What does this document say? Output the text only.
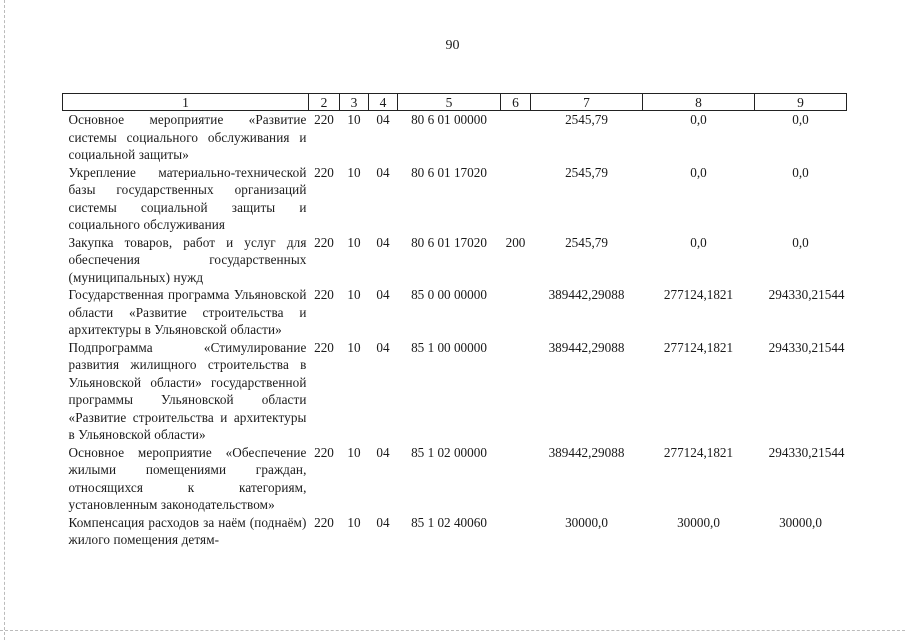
90
1	2	3	4	5	6	7	8	9
Основное мероприятие «Развитие системы социального обслуживания и социальной защиты»	220	10	04	80 6 01 00000		2545,79	0,0	0,0
Укрепление материально-технической базы государственных организаций системы социальной защиты и социального обслуживания	220	10	04	80 6 01 17020		2545,79	0,0	0,0
Закупка товаров, работ и услуг для обеспечения государственных (муниципальных) нужд	220	10	04	80 6 01 17020	200	2545,79	0,0	0,0
Государственная программа Ульяновской области «Развитие строительства и архитектуры в Ульяновской области»	220	10	04	85 0 00 00000		389442,29088	277124,1821	294330,21544
Подпрограмма «Стимулирование развития жилищного строительства в Ульяновской области» государственной программы Ульяновской области «Развитие строительства и архитектуры в Ульяновской области»	220	10	04	85 1 00 00000		389442,29088	277124,1821	294330,21544
Основное мероприятие «Обеспечение жилыми помещениями граждан, относящихся к категориям, установленным законодательством»	220	10	04	85 1 02 00000		389442,29088	277124,1821	294330,21544
Компенсация расходов за наём (поднаём) жилого помещения детям-	220	10	04	85 1 02 40060		30000,0	30000,0	30000,0
